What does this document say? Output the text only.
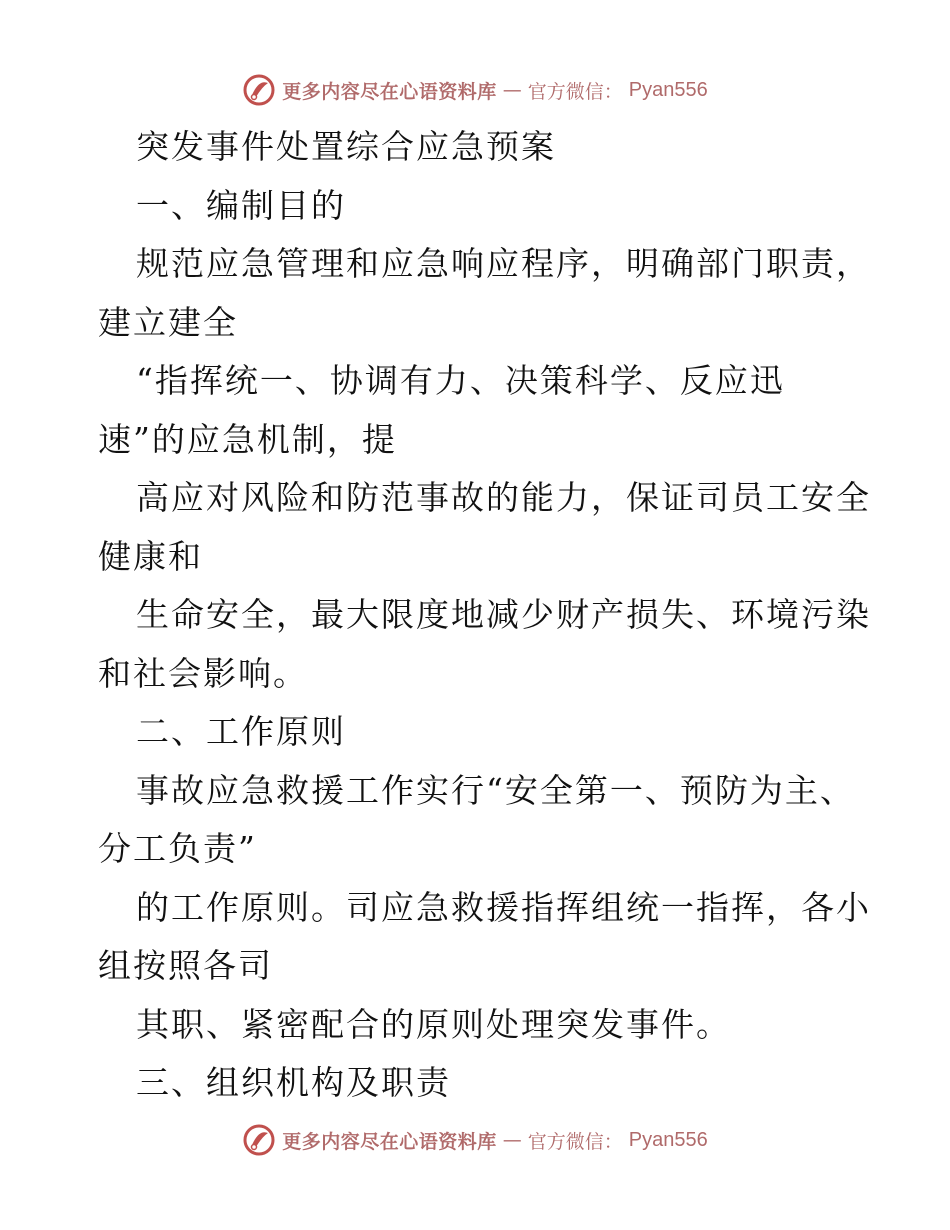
更多内容尽在心语资料库 — 官方微信： Pyan556
突发事件处置综合应急预案
一、编制目的
规范应急管理和应急响应程序，明确部门职责，
建立建全
“指挥统一、协调有力、决策科学、反应迅
速”的应急机制，提
高应对风险和防范事故的能力，保证司员工安全
健康和
生命安全，最大限度地减少财产损失、环境污染
和社会影响。
二、工作原则
事故应急救援工作实行“安全第一、预防为主、
分工负责”
的工作原则。司应急救援指挥组统一指挥，各小
组按照各司
其职、紧密配合的原则处理突发事件。
三、组织机构及职责
更多内容尽在心语资料库 — 官方微信： Pyan556
